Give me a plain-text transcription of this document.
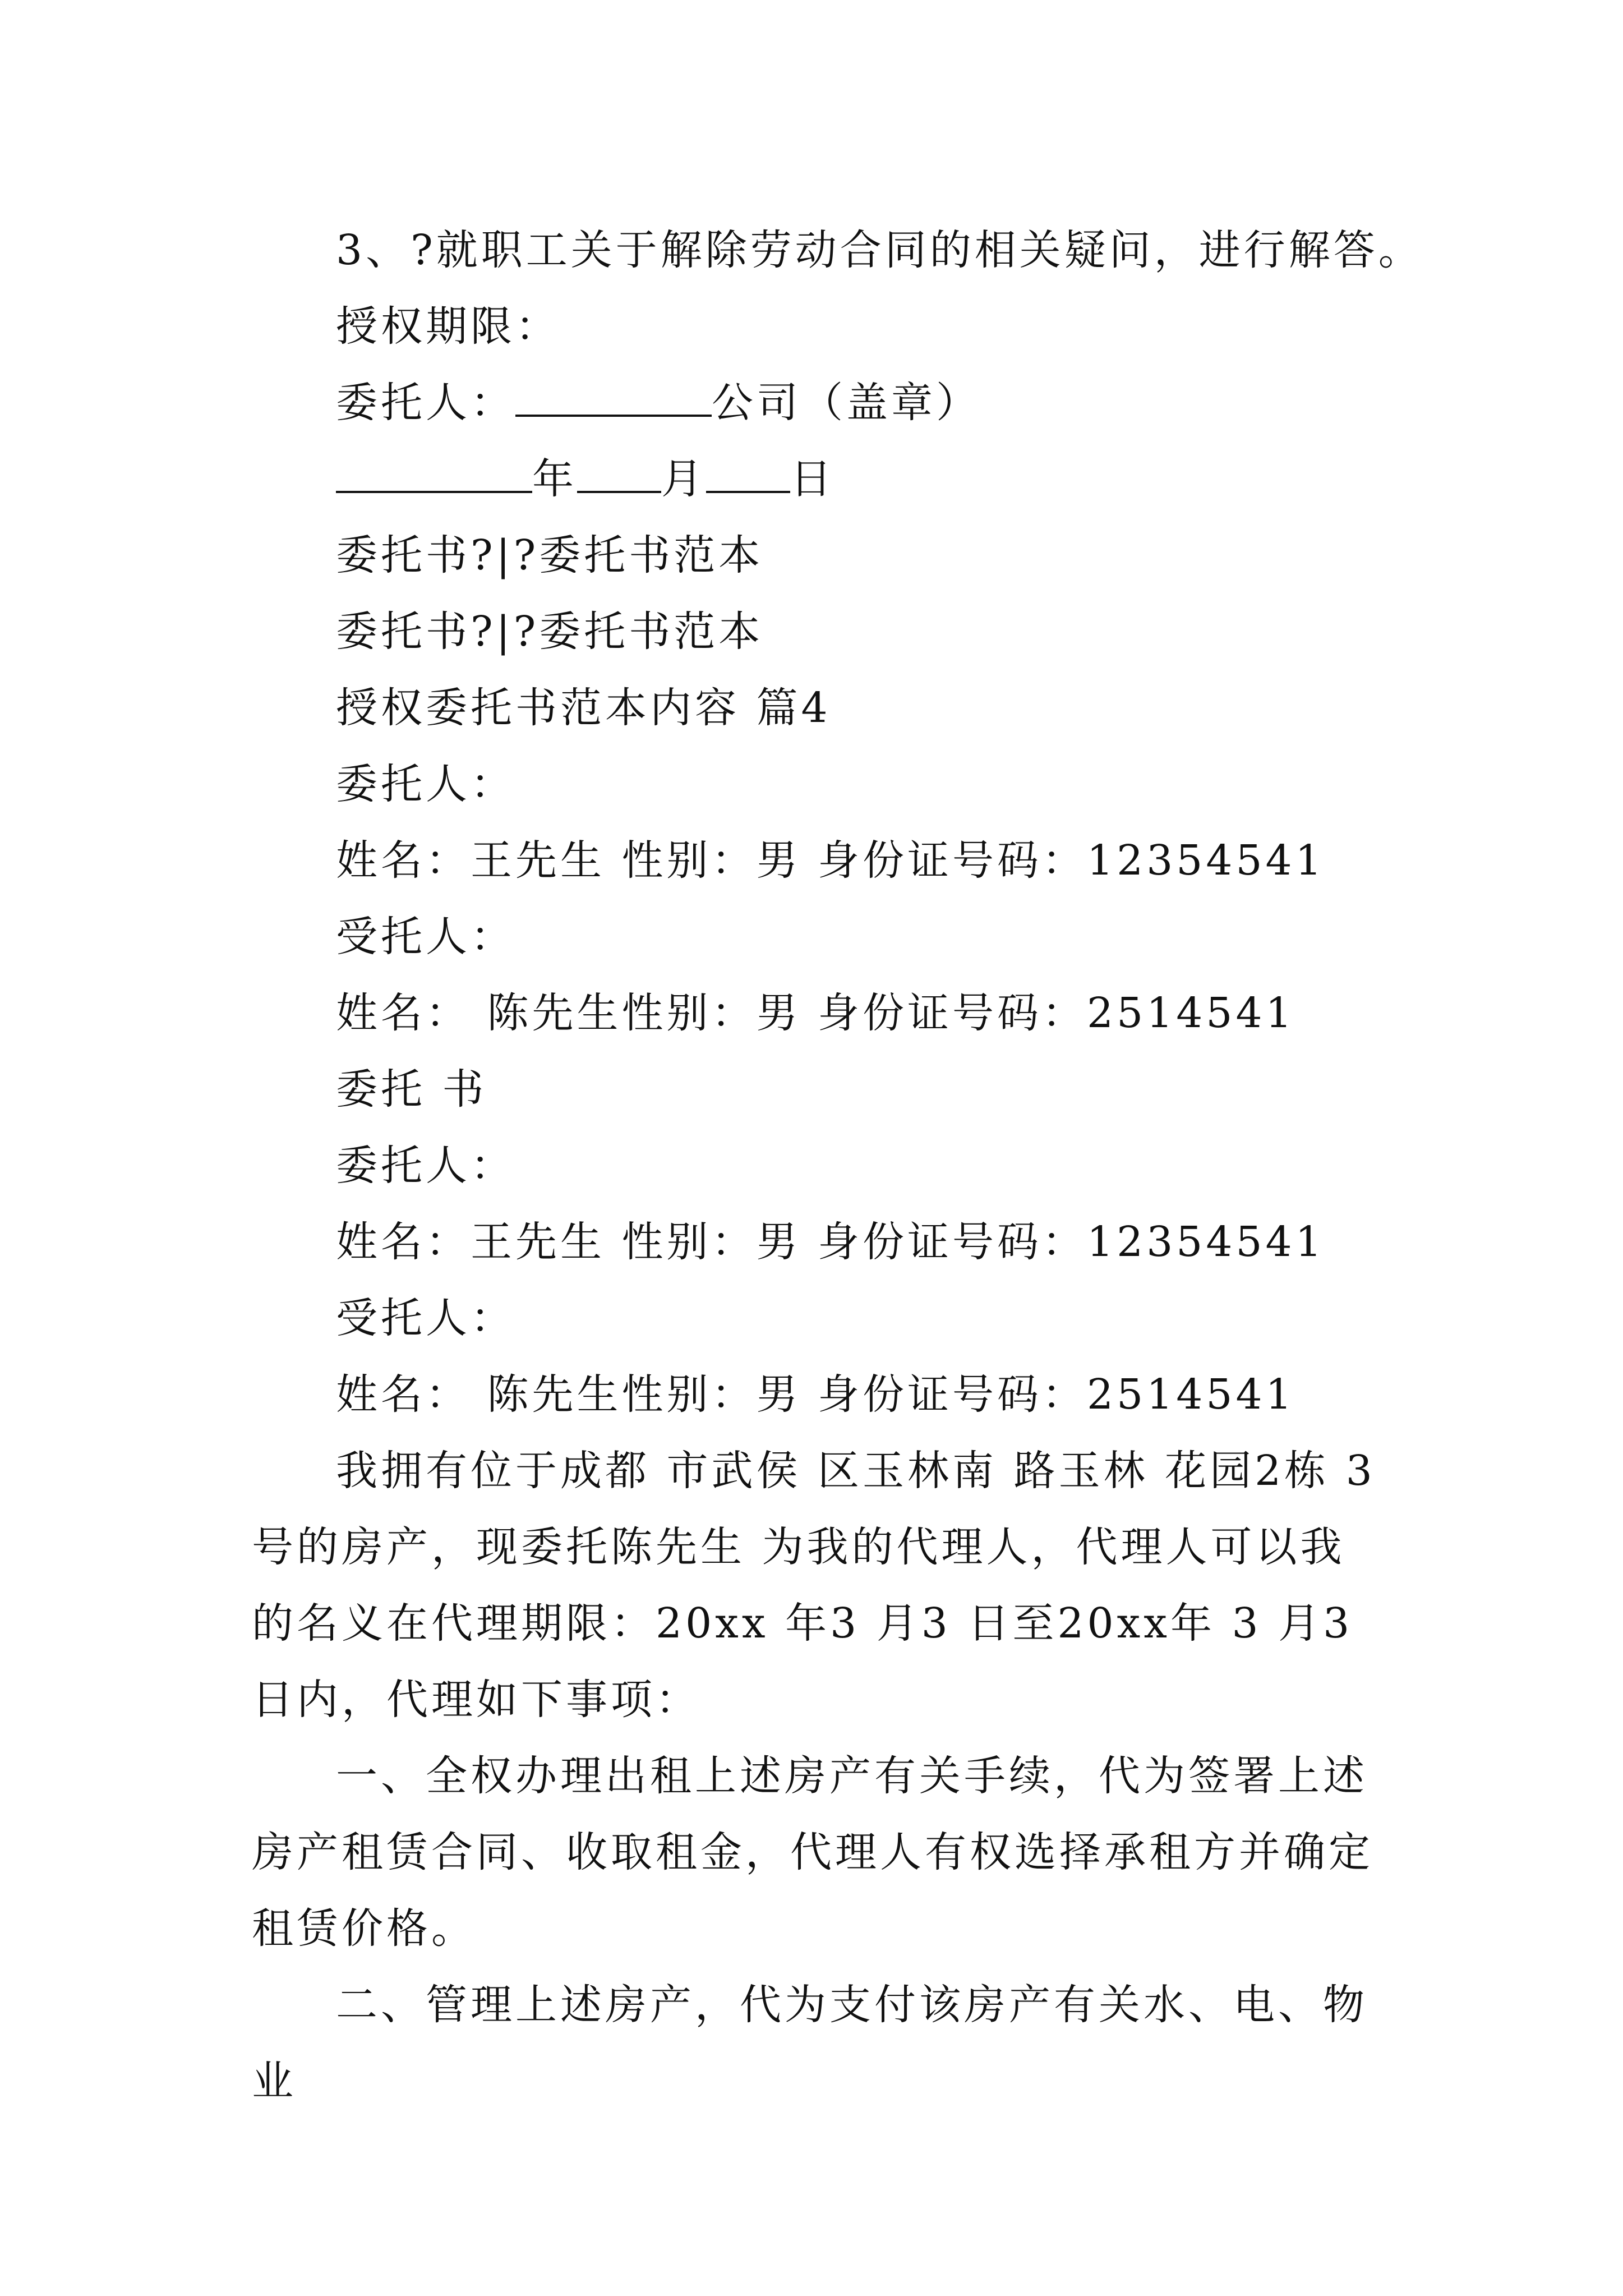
3、?就职工关于解除劳动合同的相关疑问，进行解答。
授权期限：
委托人：	公司（盖章）
年 月 日
委托书?|?委托书范本
委托书?|?委托书范本
授权委托书范本内容 篇4
委托人：
姓名：王先生 性别：男 身份证号码：12354541
受托人：
姓名： 陈先生性别：男 身份证号码：2514541
委托 书
委托人：
姓名：王先生 性别：男 身份证号码：12354541
受托人：
姓名： 陈先生性别：男 身份证号码：2514541
我拥有位于成都 市武侯 区玉林南 路玉林 花园2栋 3号的房产，现委托陈先生 为我的代理人，代理人可以我的名义在代理期限：20xx 年3 月3 日至20xx年 3 月3 日内，代理如下事项：
一、全权办理出租上述房产有关手续，代为签署上述房产租赁合同、收取租金，代理人有权选择承租方并确定租赁价格。
二、管理上述房产，代为支付该房产有关水、电、物业
